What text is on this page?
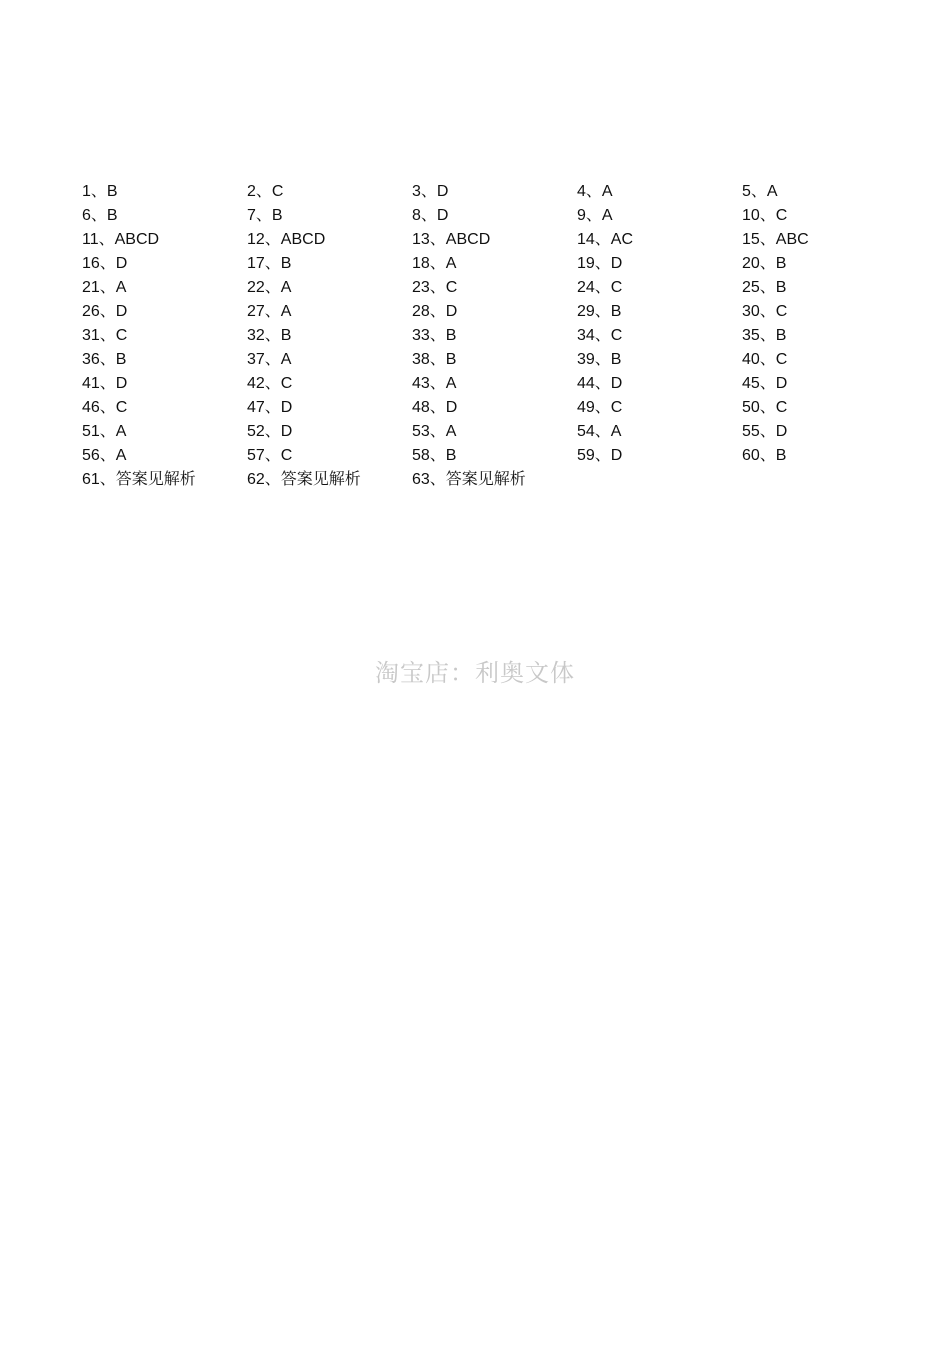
1、B	2、C	3、D	4、A	5、A
6、B	7、B	8、D	9、A	10、C
11、ABCD	12、ABCD	13、ABCD	14、AC	15、ABC
16、D	17、B	18、A	19、D	20、B
21、A	22、A	23、C	24、C	25、B
26、D	27、A	28、D	29、B	30、C
31、C	32、B	33、B	34、C	35、B
36、B	37、A	38、B	39、B	40、C
41、D	42、C	43、A	44、D	45、D
46、C	47、D	48、D	49、C	50、C
51、A	52、D	53、A	54、A	55、D
56、A	57、C	58、B	59、D	60、B
61、答案见解析	62、答案见解析	63、答案见解析
淘宝店：利奥文体
